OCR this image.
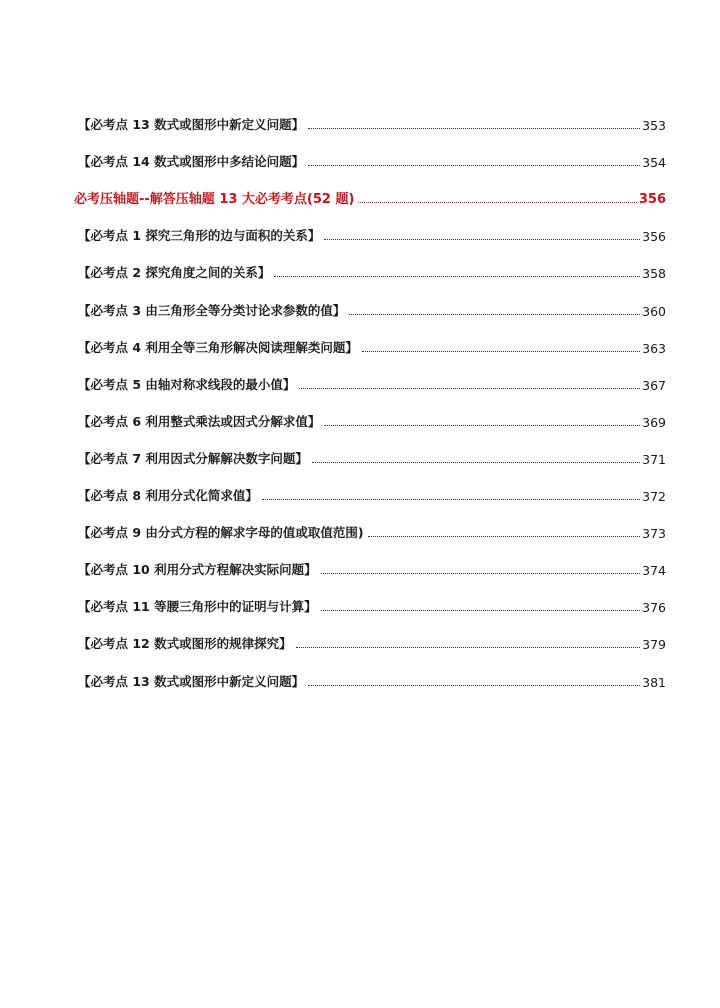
【必考点 13 数式或图形中新定义问题】	353
【必考点 14 数式或图形中多结论问题】	354
必考压轴题--解答压轴题 13 大必考考点(52 题)	356
【必考点 1 探究三角形的边与面积的关系】	356
【必考点 2 探究角度之间的关系】	358
【必考点 3 由三角形全等分类讨论求参数的值】	360
【必考点 4 利用全等三角形解决阅读理解类问题】	363
【必考点 5 由轴对称求线段的最小值】	367
【必考点 6 利用整式乘法或因式分解求值】	369
【必考点 7 利用因式分解解决数字问题】	371
【必考点 8 利用分式化简求值】	372
【必考点 9 由分式方程的解求字母的值或取值范围)	373
【必考点 10 利用分式方程解决实际问题】	374
【必考点 11 等腰三角形中的证明与计算】	376
【必考点 12 数式或图形的规律探究】	379
【必考点 13 数式或图形中新定义问题】	381
